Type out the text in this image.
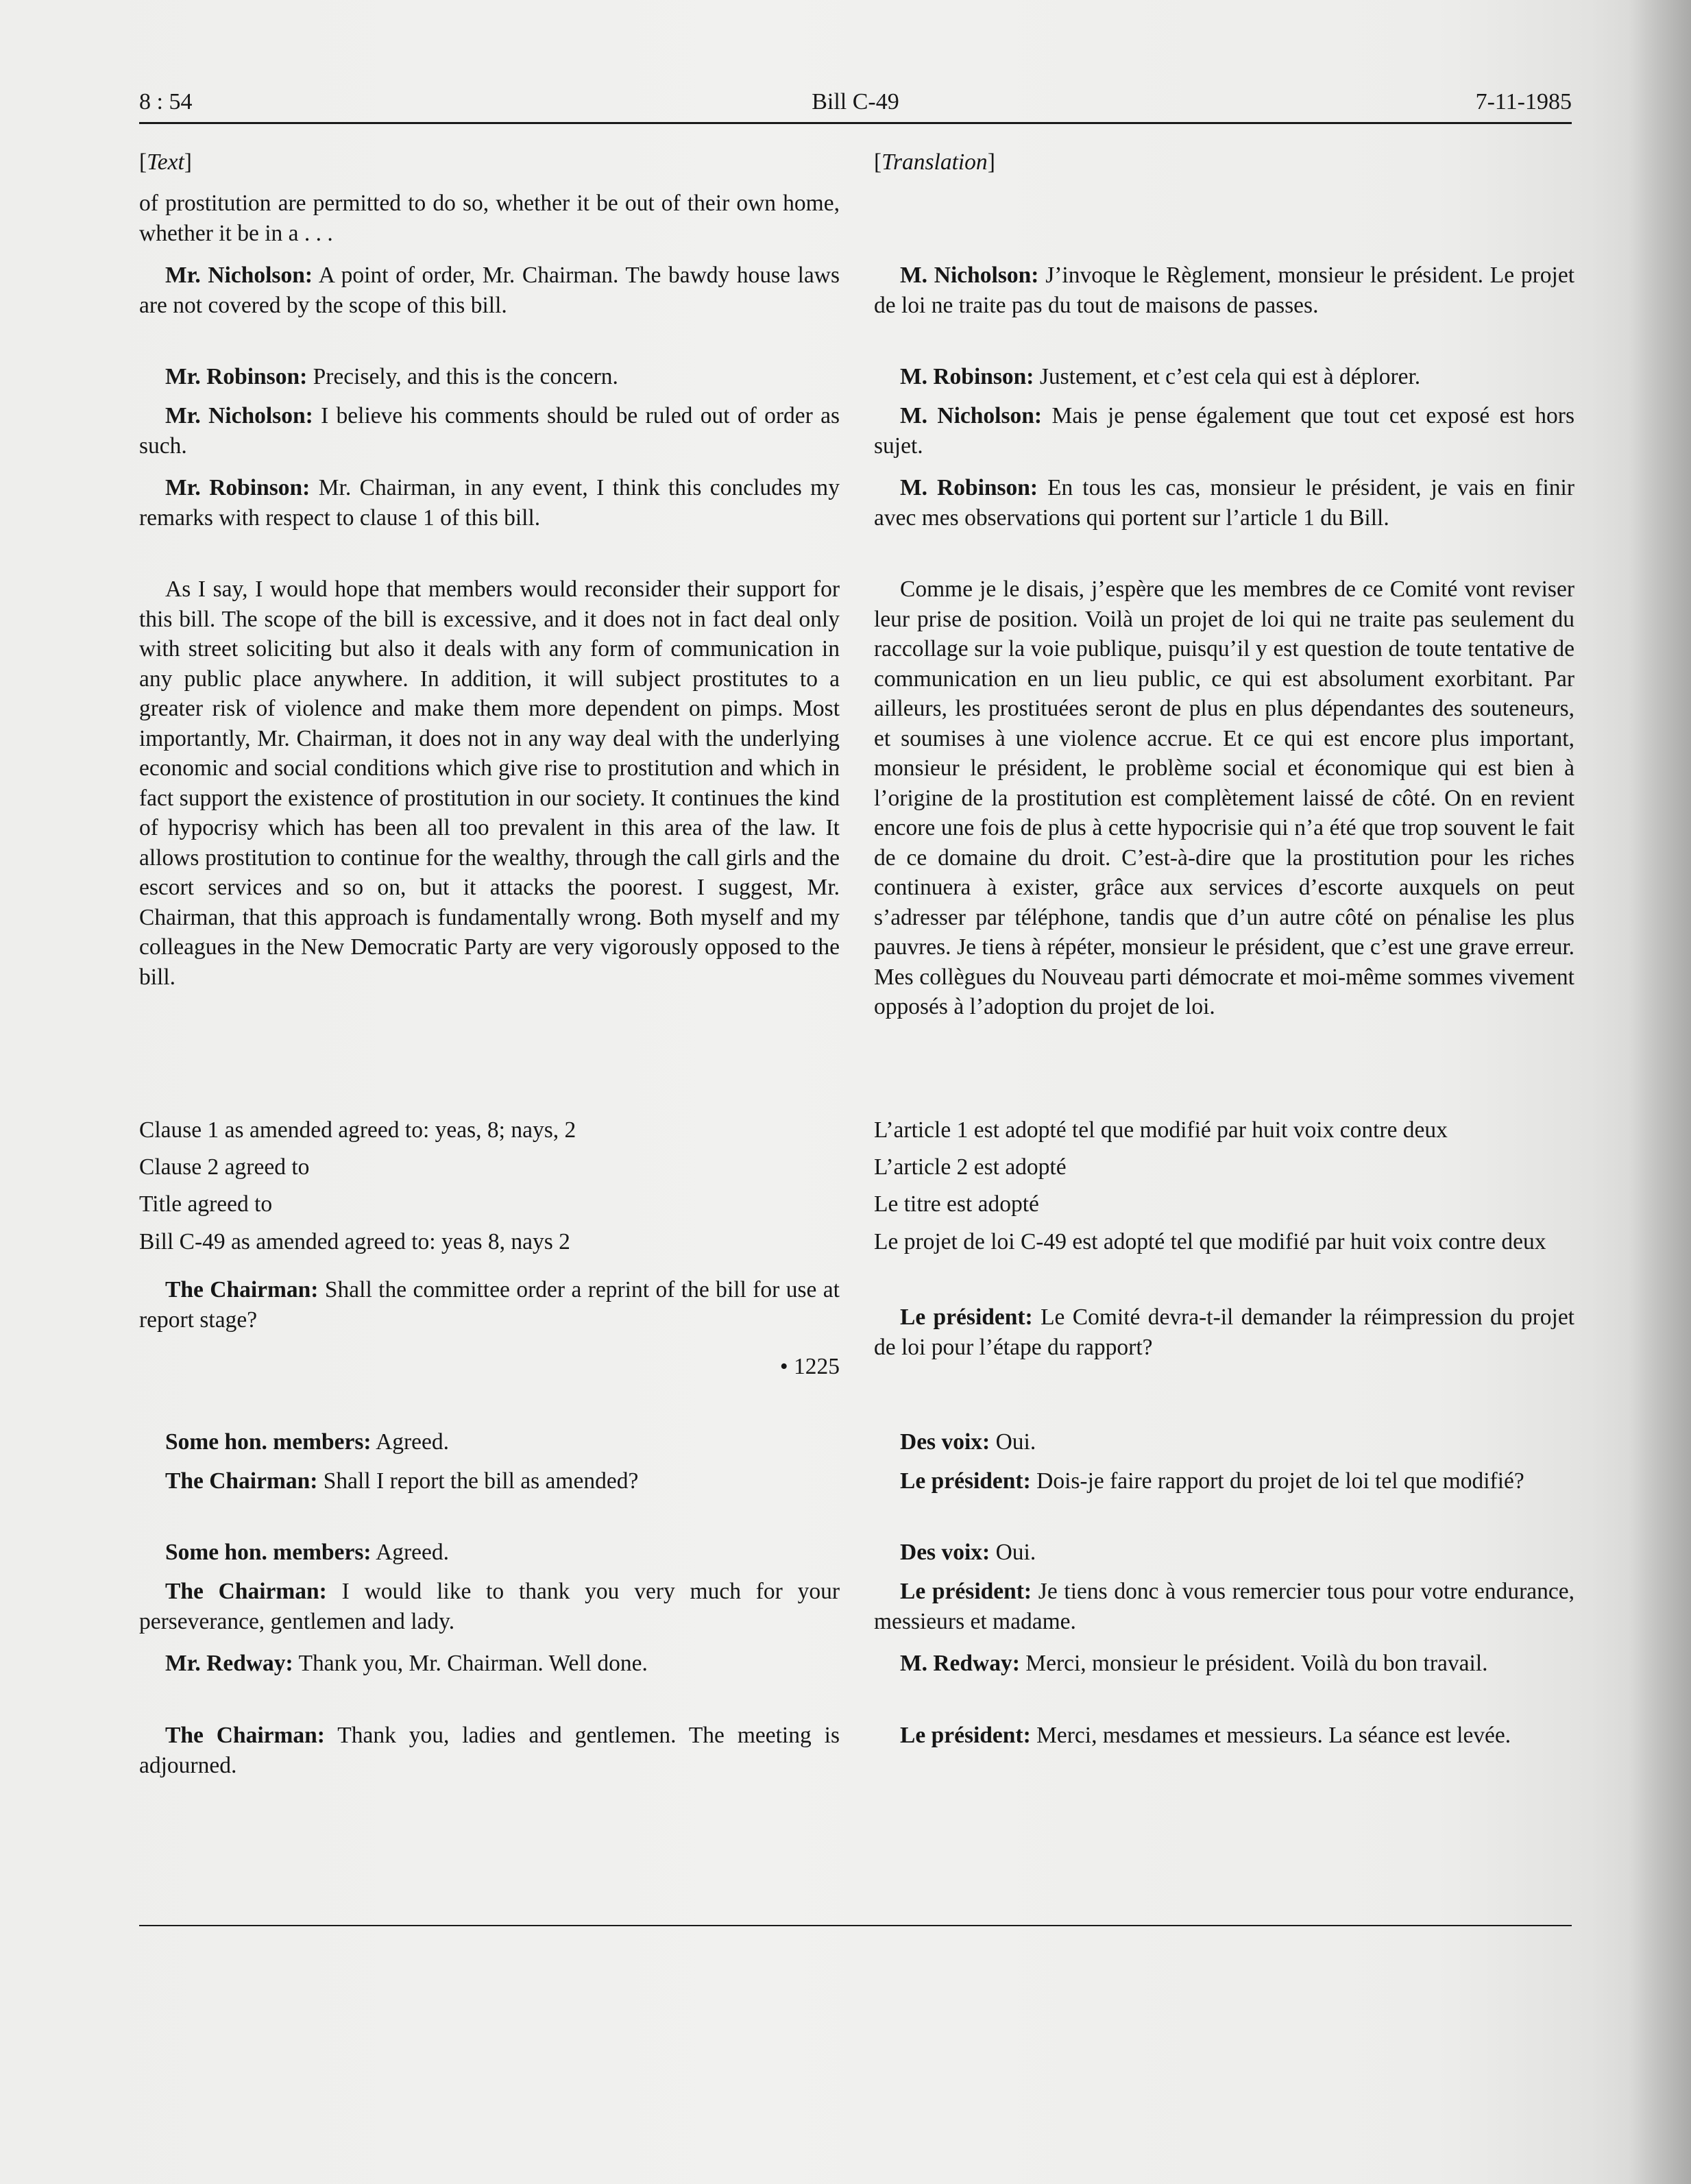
8 : 54	Bill C-49	7-11-1985

[Text]

of prostitution are permitted to do so, whether it be out of their own home, whether it be in a . . .

Mr. Nicholson: A point of order, Mr. Chairman. The bawdy house laws are not covered by the scope of this bill.

Mr. Robinson: Precisely, and this is the concern.

Mr. Nicholson: I believe his comments should be ruled out of order as such.

Mr. Robinson: Mr. Chairman, in any event, I think this concludes my remarks with respect to clause 1 of this bill.

As I say, I would hope that members would reconsider their support for this bill. The scope of the bill is excessive, and it does not in fact deal only with street soliciting but also it deals with any form of communication in any public place anywhere. In addition, it will subject prostitutes to a greater risk of violence and make them more dependent on pimps. Most importantly, Mr. Chairman, it does not in any way deal with the underlying economic and social conditions which give rise to prostitution and which in fact support the existence of prostitution in our society. It continues the kind of hypocrisy which has been all too prevalent in this area of the law. It allows prostitution to continue for the wealthy, through the call girls and the escort services and so on, but it attacks the poorest. I suggest, Mr. Chairman, that this approach is fundamentally wrong. Both myself and my colleagues in the New Democratic Party are very vigorously opposed to the bill.

Clause 1 as amended agreed to: yeas, 8; nays, 2

Clause 2 agreed to

Title agreed to

Bill C-49 as amended agreed to: yeas 8, nays 2

The Chairman: Shall the committee order a reprint of the bill for use at report stage?

• 1225

Some hon. members: Agreed.

The Chairman: Shall I report the bill as amended?

Some hon. members: Agreed.

The Chairman: I would like to thank you very much for your perseverance, gentlemen and lady.

Mr. Redway: Thank you, Mr. Chairman. Well done.

The Chairman: Thank you, ladies and gentlemen. The meeting is adjourned.

[Translation]

M. Nicholson: J’invoque le Règlement, monsieur le président. Le projet de loi ne traite pas du tout de maisons de passes.

M. Robinson: Justement, et c’est cela qui est à déplorer.

M. Nicholson: Mais je pense également que tout cet exposé est hors sujet.

M. Robinson: En tous les cas, monsieur le président, je vais en finir avec mes observations qui portent sur l’article 1 du Bill.

Comme je le disais, j’espère que les membres de ce Comité vont reviser leur prise de position. Voilà un projet de loi qui ne traite pas seulement du raccollage sur la voie publique, puisqu’il y est question de toute tentative de communication en un lieu public, ce qui est absolument exorbitant. Par ailleurs, les prostituées seront de plus en plus dépendantes des souteneurs, et soumises à une violence accrue. Et ce qui est encore plus important, monsieur le président, le problème social et économique qui est bien à l’origine de la prostitution est complètement laissé de côté. On en revient encore une fois de plus à cette hypocrisie qui n’a été que trop souvent le fait de ce domaine du droit. C’est-à-dire que la prostitution pour les riches continuera à exister, grâce aux services d’escorte auxquels on peut s’adresser par téléphone, tandis que d’un autre côté on pénalise les plus pauvres. Je tiens à répéter, monsieur le président, que c’est une grave erreur. Mes collègues du Nouveau parti démocrate et moi-même sommes vivement opposés à l’adoption du projet de loi.

L’article 1 est adopté tel que modifié par huit voix contre deux

L’article 2 est adopté

Le titre est adopté

Le projet de loi C-49 est adopté tel que modifié par huit voix contre deux

Le président: Le Comité devra-t-il demander la réimpression du projet de loi pour l’étape du rapport?

Des voix: Oui.

Le président: Dois-je faire rapport du projet de loi tel que modifié?

Des voix: Oui.

Le président: Je tiens donc à vous remercier tous pour votre endurance, messieurs et madame.

M. Redway: Merci, monsieur le président. Voilà du bon travail.

Le président: Merci, mesdames et messieurs. La séance est levée.
